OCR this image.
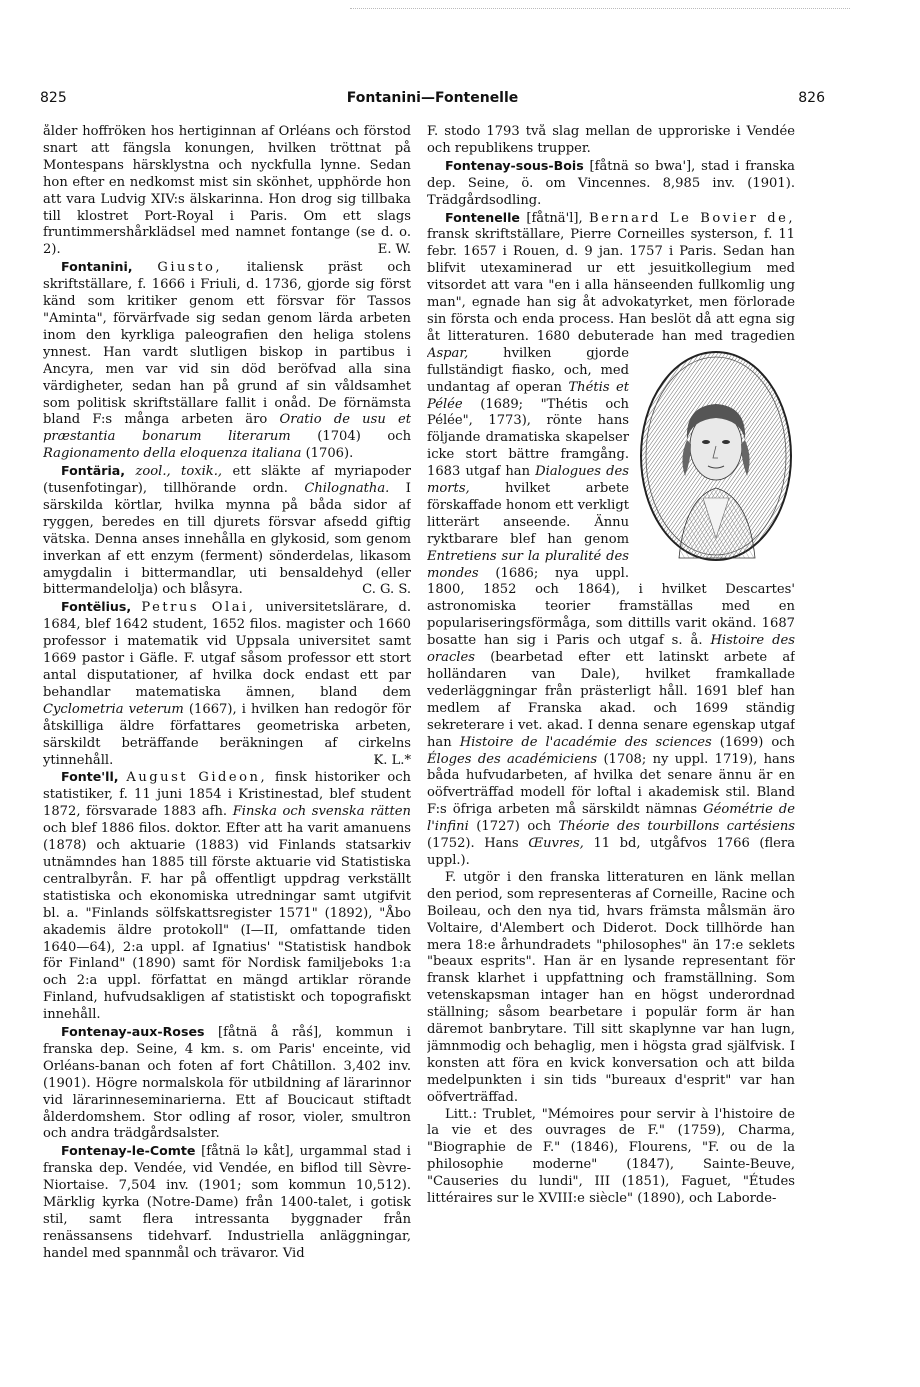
825	Fontanini—Fontenelle	826

ålder hoffröken hos hertiginnan af Orléans och förstod snart att fängsla konungen, hvilken tröttnat på Montespans härsklystna och nyckfulla lynne. Sedan hon efter en nedkomst mist sin skönhet, upphörde hon att vara Ludvig XIV:s älskarinna. Hon drog sig tillbaka till klostret Port-Royal i Paris. Om ett slags fruntimmershårklädsel med namnet fontange (se d. o. 2).	E. W.

Fontanini, Giusto, italiensk präst och skriftställare, f. 1666 i Friuli, d. 1736, gjorde sig först känd som kritiker genom ett försvar för Tassos "Aminta", förvärfvade sig sedan genom lärda arbeten inom den kyrkliga paleografien den heliga stolens ynnest. Han vardt slutligen biskop in partibus i Ancyra, men var vid sin död beröfvad alla sina värdigheter, sedan han på grund af sin våldsamhet som politisk skriftställare fallit i onåd. De förnämsta bland F:s många arbeten äro Oratio de usu et præstantia bonarum literarum (1704) och Ragionamento della eloquenza italiana (1706).

Fontäria, zool., toxik., ett släkte af myriapoder (tusenfotingar), tillhörande ordn. Chilognatha. I särskilda körtlar, hvilka mynna på båda sidor af ryggen, beredes en till djurets försvar afsedd giftig vätska. Denna anses innehålla en glykosid, som genom inverkan af ett enzym (ferment) sönderdelas, likasom amygdalin i bittermandlar, uti bensaldehyd (eller bittermandelolja) och blåsyra.	C. G. S.

Fontëlius, Petrus Olai, universitetslärare, d. 1684, blef 1642 student, 1652 filos. magister och 1660 professor i matematik vid Uppsala universitet samt 1669 pastor i Gäfle. F. utgaf såsom professor ett stort antal disputationer, af hvilka dock endast ett par behandlar matematiska ämnen, bland dem Cyclometria veterum (1667), i hvilken han redogör för åtskilliga äldre författares geometriska arbeten, särskildt beträffande beräkningen af cirkelns ytinnehåll.	K. L.*

Fonte'll, August Gideon, finsk historiker och statistiker, f. 11 juni 1854 i Kristinestad, blef student 1872, försvarade 1883 afh. Finska och svenska rätten och blef 1886 filos. doktor. Efter att ha varit amanuens (1878) och aktuarie (1883) vid Finlands statsarkiv utnämndes han 1885 till förste aktuarie vid Statistiska centralbyrån. F. har på offentligt uppdrag verkställt statistiska och ekonomiska utredningar samt utgifvit bl. a. "Finlands sölfskattsregister 1571" (1892), "Åbo akademis äldre protokoll" (I—II, omfattande tiden 1640—64), 2:a uppl. af Ignatius' "Statistisk handbok för Finland" (1890) samt för Nordisk familjeboks 1:a och 2:a uppl. författat en mängd artiklar rörande Finland, hufvudsakligen af statistiskt och topografiskt innehåll.

Fontenay-aux-Roses [fåtnä å råś], kommun i franska dep. Seine, 4 km. s. om Paris' enceinte, vid Orléans-banan och foten af fort Châtillon. 3,402 inv. (1901). Högre normalskola för utbildning af lärarinnor vid lärarinneseminarierna. Ett af Boucicaut stiftadt ålderdomshem. Stor odling af rosor, violer, smultron och andra trädgårdsalster.

Fontenay-le-Comte [fåtnä lə kåt], urgammal stad i franska dep. Vendée, vid Vendée, en biflod till Sèvre-Niortaise. 7,504 inv. (1901; som kommun 10,512). Märklig kyrka (Notre-Dame) från 1400-talet, i gotisk stil, samt flera intressanta byggnader från renässansens tidehvarf. Industriella anläggningar, handel med spannmål och trävaror. Vid

F. stodo 1793 två slag mellan de upproriske i Vendée och republikens trupper.

Fontenay-sous-Bois [fåtnä so bwa'], stad i franska dep. Seine, ö. om Vincennes. 8,985 inv. (1901). Trädgårdsodling.

Fontenelle [fåtnä'l], Bernard Le Bovier de, fransk skriftställare, Pierre Corneilles systerson, f. 11 febr. 1657 i Rouen, d. 9 jan. 1757 i Paris. Sedan han blifvit utexaminerad ur ett jesuitkollegium med vitsordet att vara "en i alla hänseenden fullkomlig ung man", egnade han sig åt advokatyrket, men förlorade sin första och enda process. Han beslöt då att egna sig åt litteraturen. 1680 debuterade han med tragedien
Aspar,	hvilken gjorde fullständigt fiasko, och, med undantag af operan Thétis et Pélée (1689; "Thétis och Pélée", 1773), rönte hans följande dramatiska skapelser icke stort bättre framgång. 1683 utgaf han Dialogues des morts,	hvilket arbete förskaffade honom ett verkligt litterärt anseende. Ännu ryktbarare blef han genom Entretiens sur la pluralité des mondes (1686; nya uppl. 1800, 1852 och 1864), i hvilket Descartes' astronomiska teorier framställas med en populariseringsförmåga, som dittills varit okänd. 1687 bosatte han sig i Paris och utgaf s. å. Histoire des oracles (bearbetad efter ett latinskt arbete af holländaren van Dale), hvilket framkallade vederläggningar från prästerligt håll. 1691 blef han medlem af Franska akad. och 1699 ständig sekreterare i vet. akad. I denna senare egenskap utgaf han Histoire de l'académie des sciences (1699) och Éloges des académiciens (1708; ny uppl. 1719), hans båda hufvudarbeten, af hvilka det senare ännu är en oöfverträffad modell för loftal i akademisk stil. Bland F:s öfriga arbeten må särskildt nämnas Géométrie de l'infini (1727) och Théorie des tourbillons cartésiens (1752). Hans Œuvres, 11 bd, utgåfvos 1766 (flera uppl.).

F. utgör i den franska litteraturen en länk mellan den period, som representeras af Corneille, Racine och Boileau, och den nya tid, hvars främsta målsmän äro Voltaire, d'Alembert och Diderot. Dock tillhörde han mera 18:e århundradets "philosophes" än 17:e seklets "beaux esprits". Han är en lysande representant för fransk klarhet i uppfattning och framställning. Som vetenskapsman intager han en högst underordnad ställning; såsom bearbetare i populär form är han däremot banbrytare. Till sitt skaplynne var han lugn, jämnmodig och behaglig, men i högsta grad själfvisk. I konsten att föra en kvick konversation och att bilda medelpunkten i sin tids "bureaux d'esprit" var han oöfverträffad.

Litt.: Trublet, "Mémoires pour servir à l'histoire de la vie et des ouvrages de F." (1759), Charma, "Biographie de F." (1846), Flourens, "F. ou de la philosophie moderne" (1847), Sainte-Beuve, "Causeries du lundi", III (1851), Faguet, "Études littéraires sur le XVIII:e siècle" (1890), och Laborde-
